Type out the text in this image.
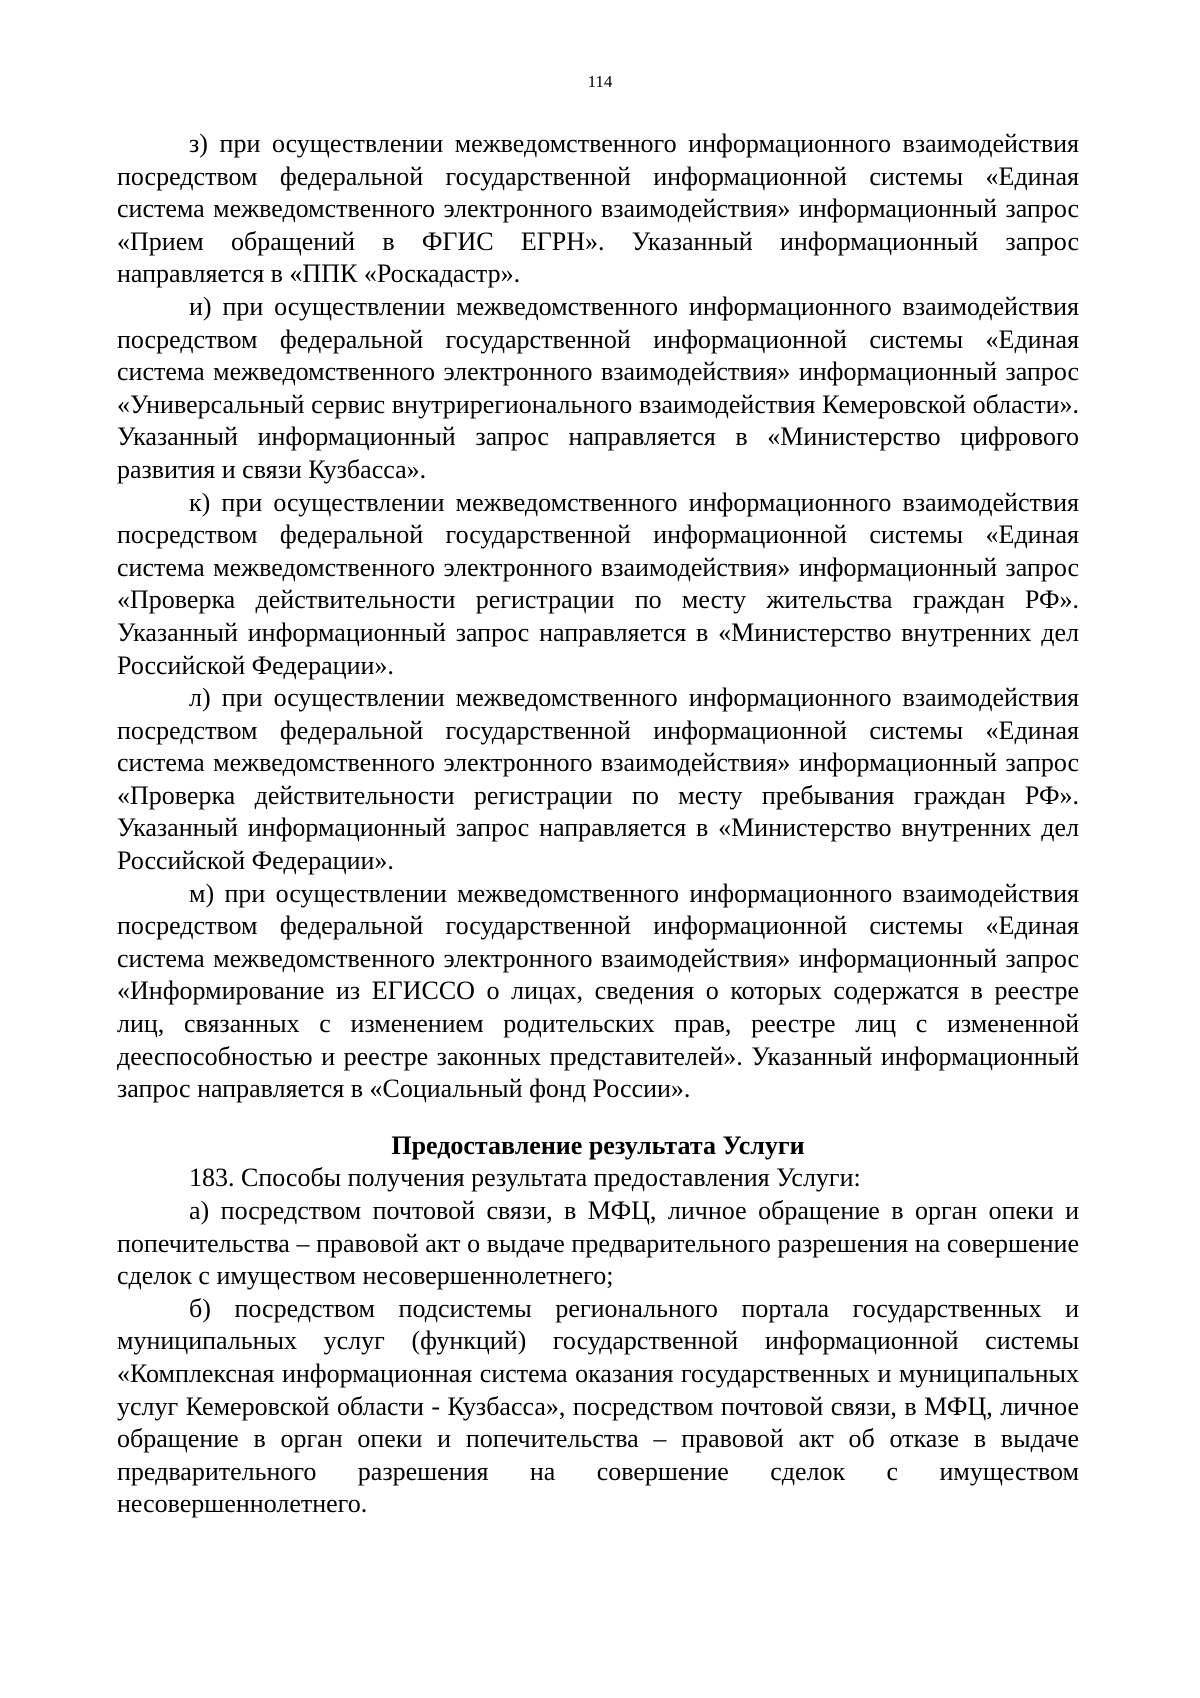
114

з) при осуществлении межведомственного информационного взаимодействия посредством федеральной государственной информационной системы «Единая система межведомственного электронного взаимодействия» информационный запрос «Прием обращений в ФГИС ЕГРН». Указанный информационный запрос направляется в «ППК «Роскадастр».

и) при осуществлении межведомственного информационного взаимодействия посредством федеральной государственной информационной системы «Единая система межведомственного электронного взаимодействия» информационный запрос «Универсальный сервис внутрирегионального взаимодействия Кемеровской области». Указанный информационный запрос направляется в «Министерство цифрового развития и связи Кузбасса».

к) при осуществлении межведомственного информационного взаимодействия посредством федеральной государственной информационной системы «Единая система межведомственного электронного взаимодействия» информационный запрос «Проверка действительности регистрации по месту жительства граждан РФ». Указанный информационный запрос направляется в «Министерство внутренних дел Российской Федерации».

л) при осуществлении межведомственного информационного взаимодействия посредством федеральной государственной информационной системы «Единая система межведомственного электронного взаимодействия» информационный запрос «Проверка действительности регистрации по месту пребывания граждан РФ». Указанный информационный запрос направляется в «Министерство внутренних дел Российской Федерации».

м) при осуществлении межведомственного информационного взаимодействия посредством федеральной государственной информационной системы «Единая система межведомственного электронного взаимодействия» информационный запрос «Информирование из ЕГИССО о лицах, сведения о которых содержатся в реестре лиц, связанных с изменением родительских прав, реестре лиц с измененной дееспособностью и реестре законных представителей». Указанный информационный запрос направляется в «Социальный фонд России».

Предоставление результата Услуги

183. Способы получения результата предоставления Услуги:

а) посредством почтовой связи, в МФЦ, личное обращение в орган опеки и попечительства – правовой акт о выдаче предварительного разрешения на совершение сделок с имуществом несовершеннолетнего;

б) посредством подсистемы регионального портала государственных и муниципальных услуг (функций) государственной информационной системы «Комплексная информационная система оказания государственных и муниципальных услуг Кемеровской области - Кузбасса», посредством почтовой связи, в МФЦ, личное обращение в орган опеки и попечительства – правовой акт об отказе в выдаче предварительного разрешения на совершение сделок с имуществом несовершеннолетнего.
